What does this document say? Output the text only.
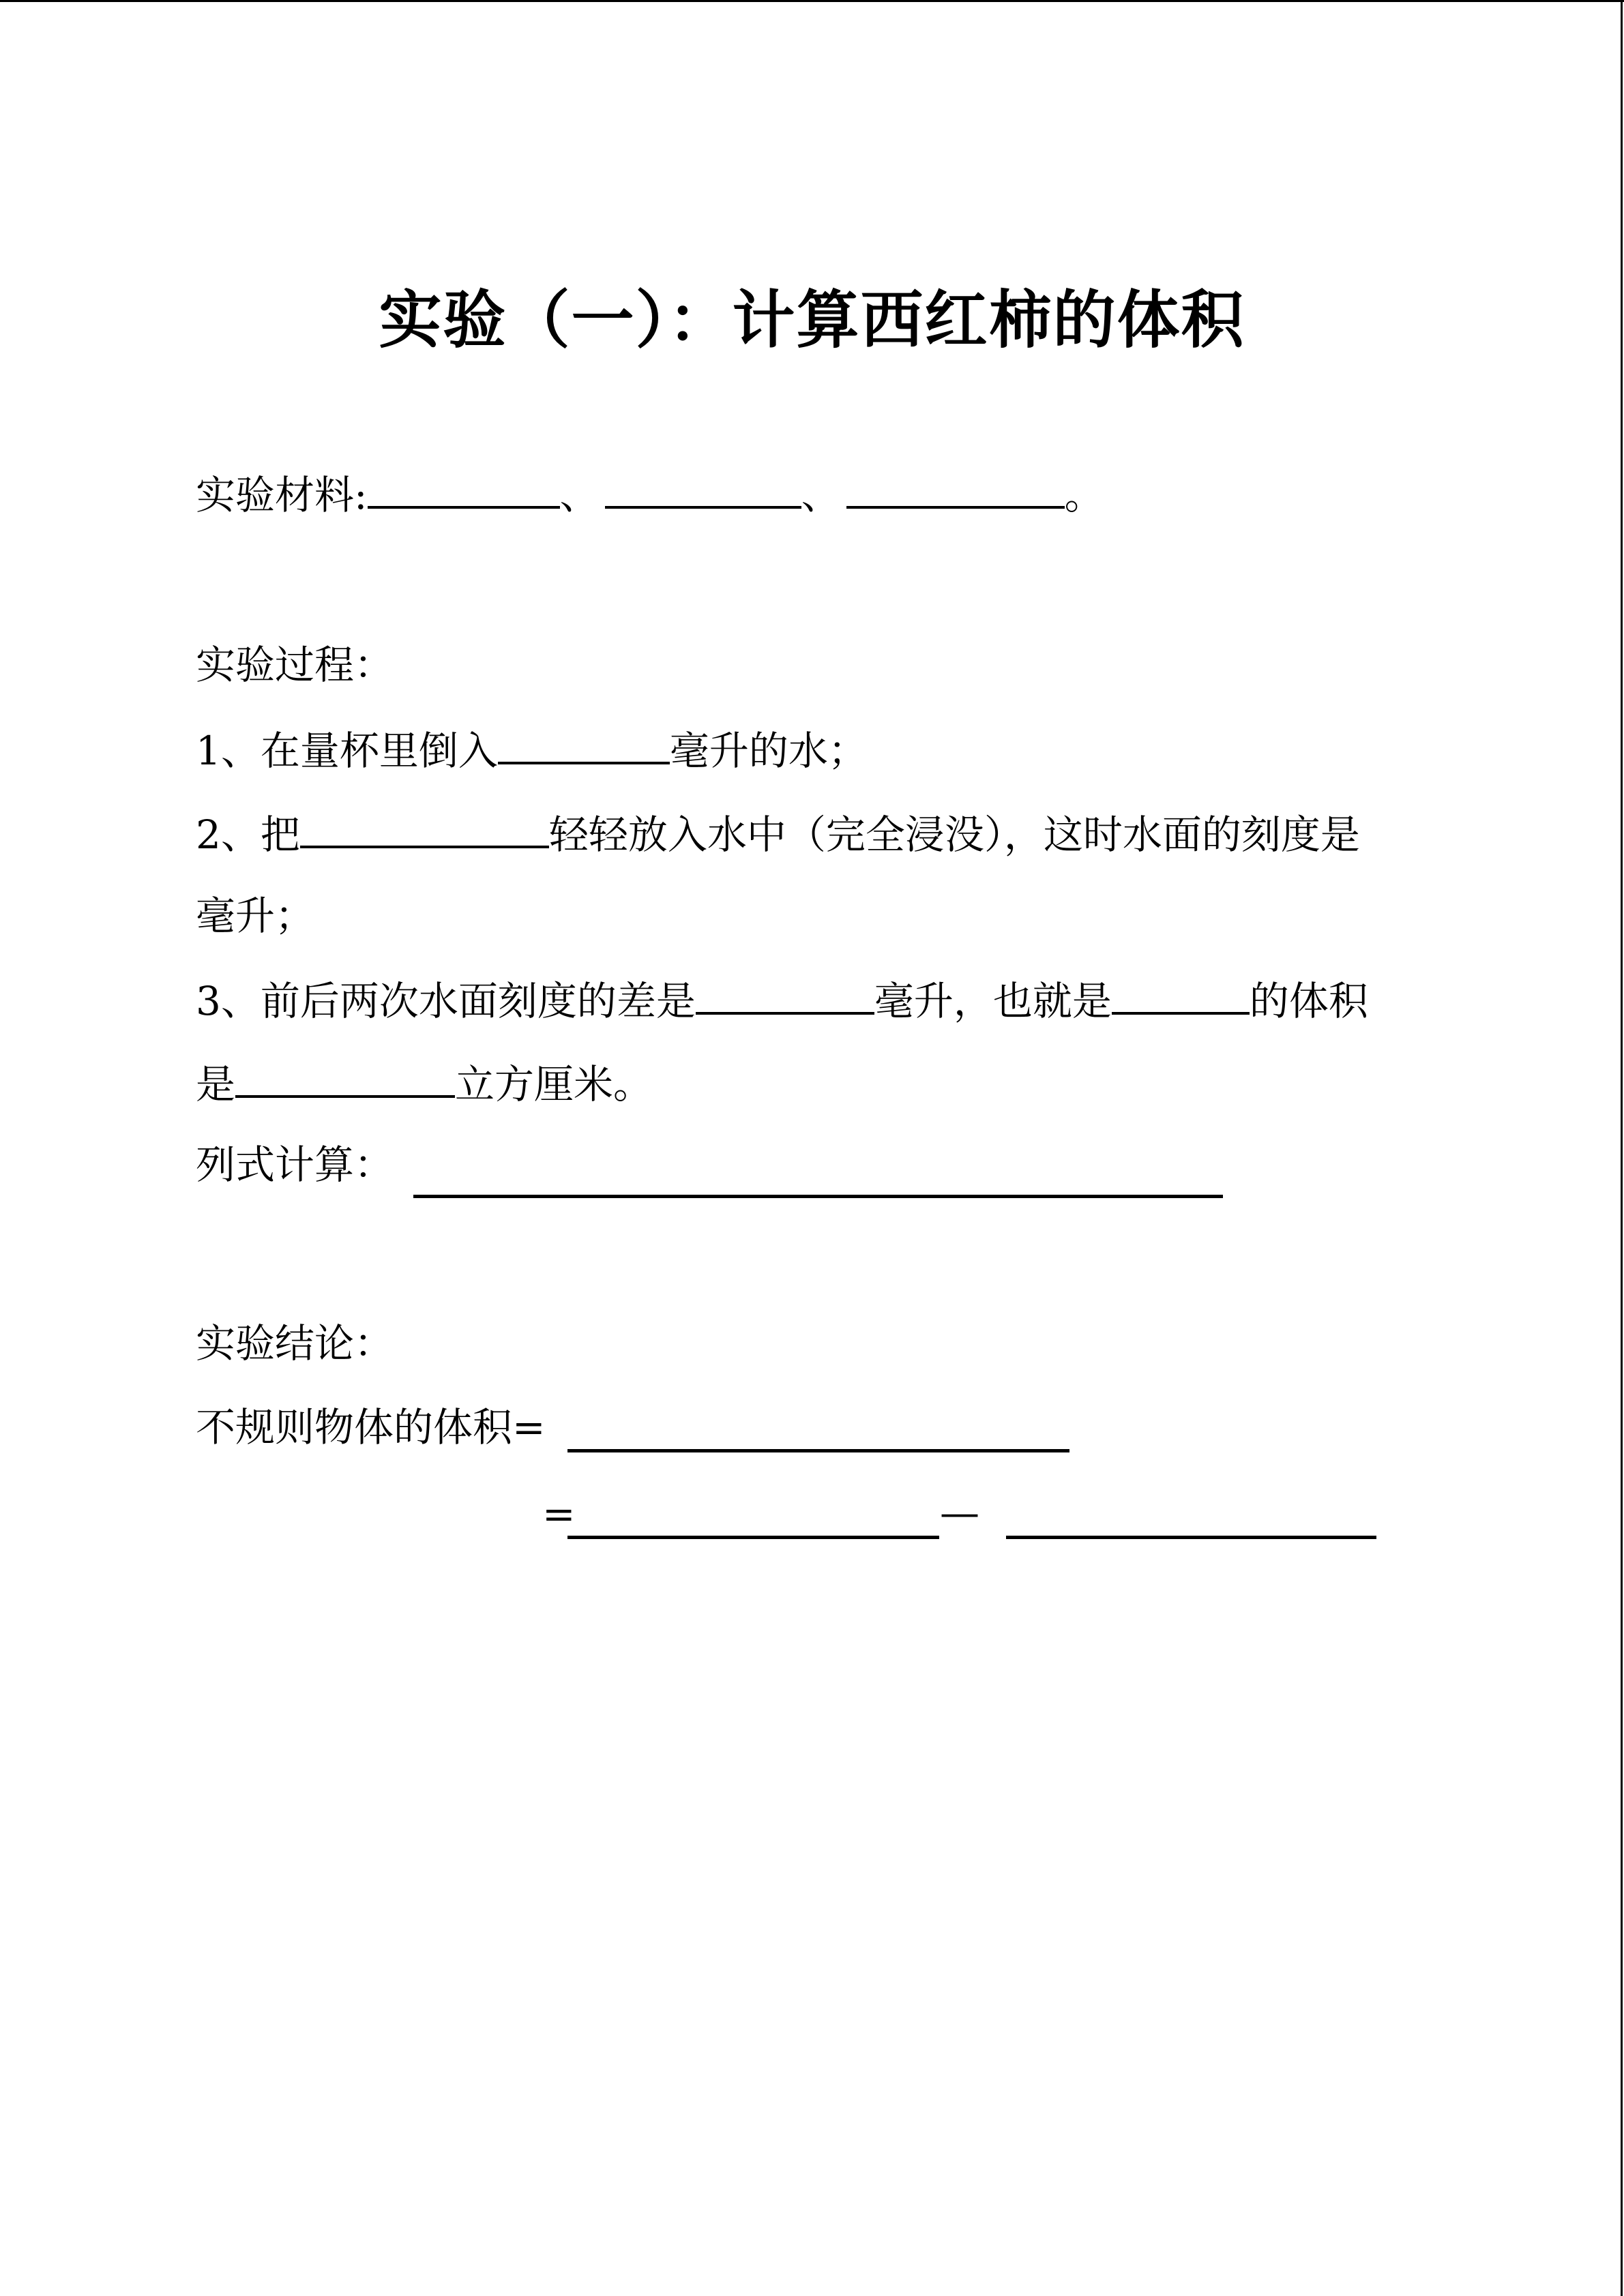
实验（一）：计算西红柿的体积
实验材料:	、	、	。
实验过程：
1、在量杯里倒入	毫升的水；
2、把	轻轻放入水中（完全浸没），这时水面的刻度是
毫升；
3、前后两次水面刻度的差是	毫升，也就是	的体积
是	立方厘米。
列式计算：
实验结论：
不规则物体的体积=
=	—
